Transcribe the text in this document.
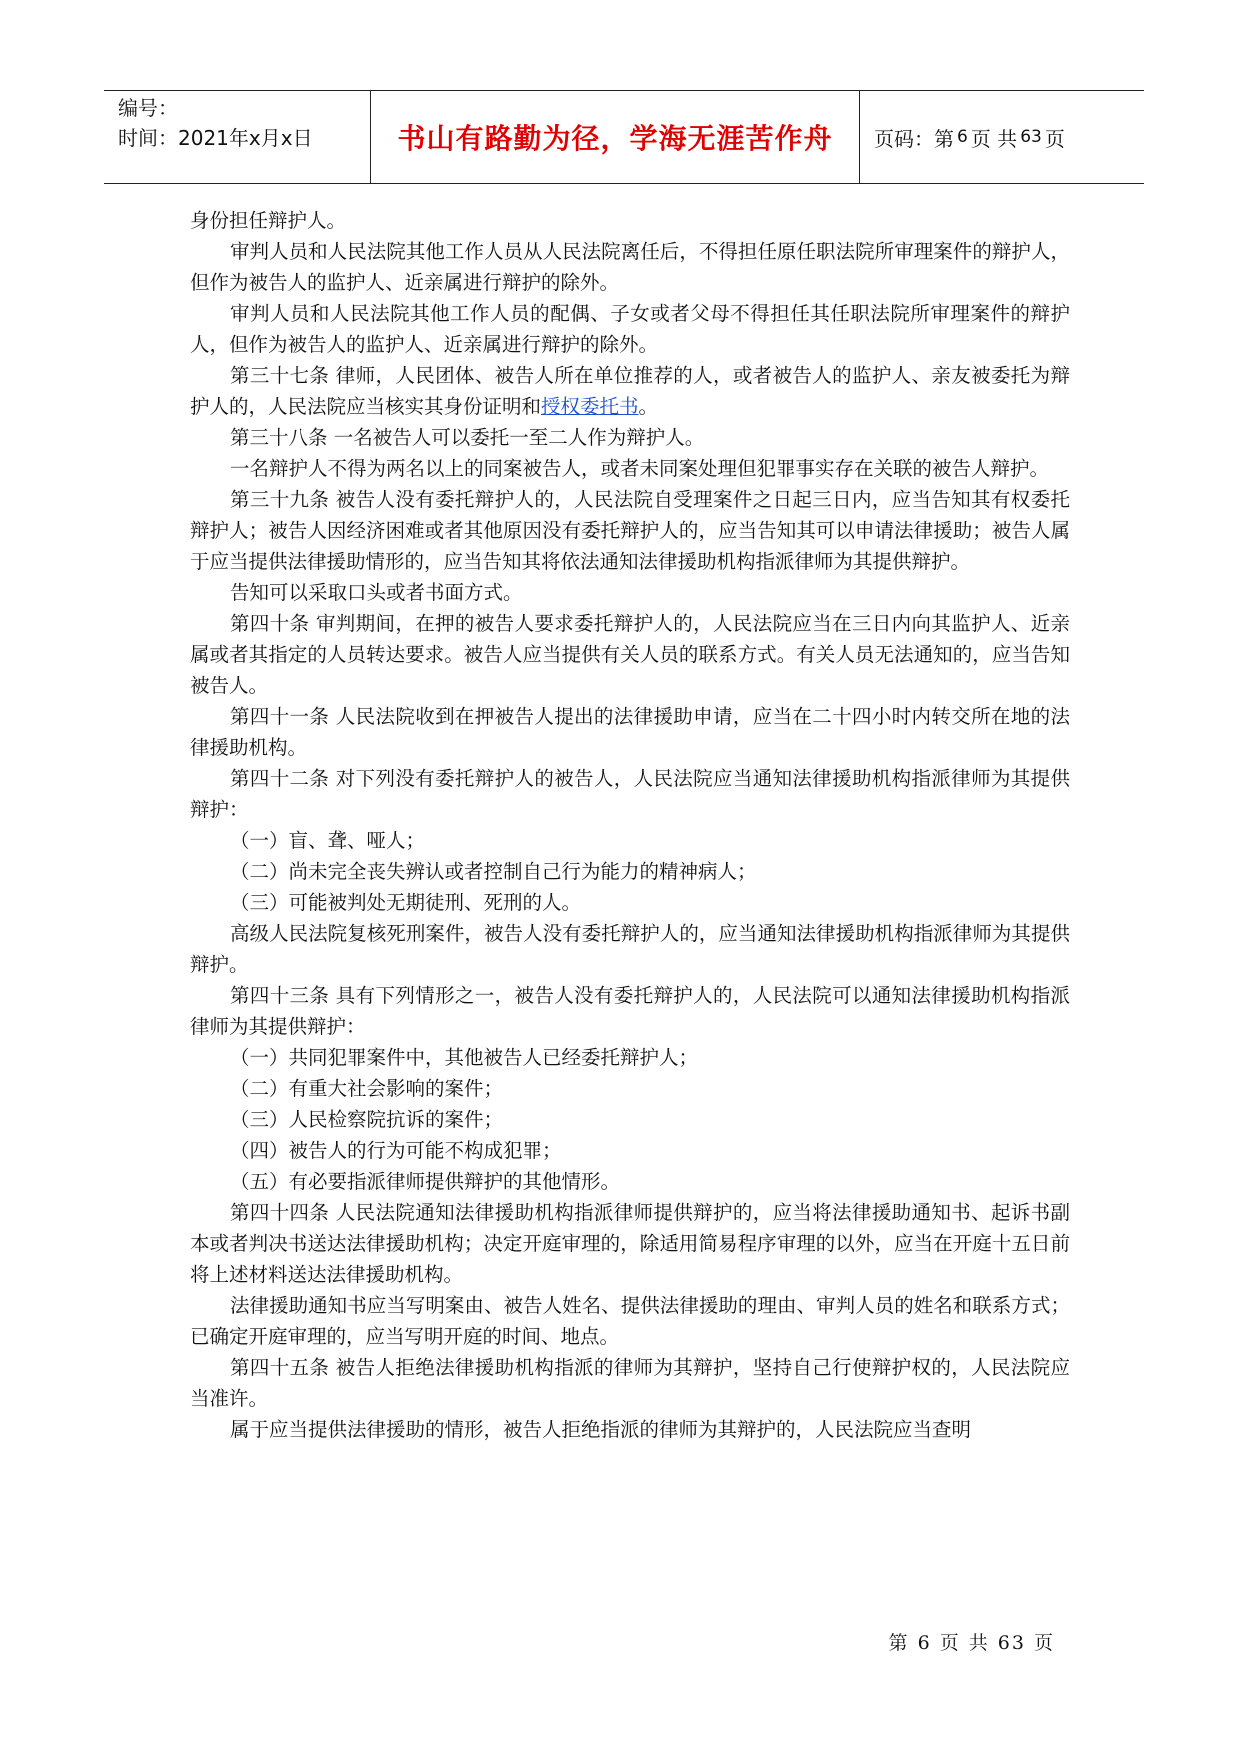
编号：
时间：2021年x月x日	书山有路勤为径，学海无涯苦作舟	页码：第 6 页 共 63 页

身份担任辩护人。

审判人员和人民法院其他工作人员从人民法院离任后，不得担任原任职法院所审理案件的辩护人，但作为被告人的监护人、近亲属进行辩护的除外。

审判人员和人民法院其他工作人员的配偶、子女或者父母不得担任其任职法院所审理案件的辩护人，但作为被告人的监护人、近亲属进行辩护的除外。

第三十七条 律师，人民团体、被告人所在单位推荐的人，或者被告人的监护人、亲友被委托为辩护人的，人民法院应当核实其身份证明和授权委托书。

第三十八条 一名被告人可以委托一至二人作为辩护人。

一名辩护人不得为两名以上的同案被告人，或者未同案处理但犯罪事实存在关联的被告人辩护。

第三十九条 被告人没有委托辩护人的，人民法院自受理案件之日起三日内，应当告知其有权委托辩护人；被告人因经济困难或者其他原因没有委托辩护人的，应当告知其可以申请法律援助；被告人属于应当提供法律援助情形的，应当告知其将依法通知法律援助机构指派律师为其提供辩护。

告知可以采取口头或者书面方式。

第四十条 审判期间，在押的被告人要求委托辩护人的，人民法院应当在三日内向其监护人、近亲属或者其指定的人员转达要求。被告人应当提供有关人员的联系方式。有关人员无法通知的，应当告知被告人。

第四十一条 人民法院收到在押被告人提出的法律援助申请，应当在二十四小时内转交所在地的法律援助机构。

第四十二条 对下列没有委托辩护人的被告人，人民法院应当通知法律援助机构指派律师为其提供辩护：

（一）盲、聋、哑人；

（二）尚未完全丧失辨认或者控制自己行为能力的精神病人；

（三）可能被判处无期徒刑、死刑的人。

高级人民法院复核死刑案件，被告人没有委托辩护人的，应当通知法律援助机构指派律师为其提供辩护。

第四十三条 具有下列情形之一，被告人没有委托辩护人的，人民法院可以通知法律援助机构指派律师为其提供辩护：

（一）共同犯罪案件中，其他被告人已经委托辩护人；

（二）有重大社会影响的案件；

（三）人民检察院抗诉的案件；

（四）被告人的行为可能不构成犯罪；

（五）有必要指派律师提供辩护的其他情形。

第四十四条 人民法院通知法律援助机构指派律师提供辩护的，应当将法律援助通知书、起诉书副本或者判决书送达法律援助机构；决定开庭审理的，除适用简易程序审理的以外，应当在开庭十五日前将上述材料送达法律援助机构。

法律援助通知书应当写明案由、被告人姓名、提供法律援助的理由、审判人员的姓名和联系方式；已确定开庭审理的，应当写明开庭的时间、地点。

第四十五条 被告人拒绝法律援助机构指派的律师为其辩护，坚持自己行使辩护权的，人民法院应当准许。

属于应当提供法律援助的情形，被告人拒绝指派的律师为其辩护的，人民法院应当查明

第 6 页 共 63 页
